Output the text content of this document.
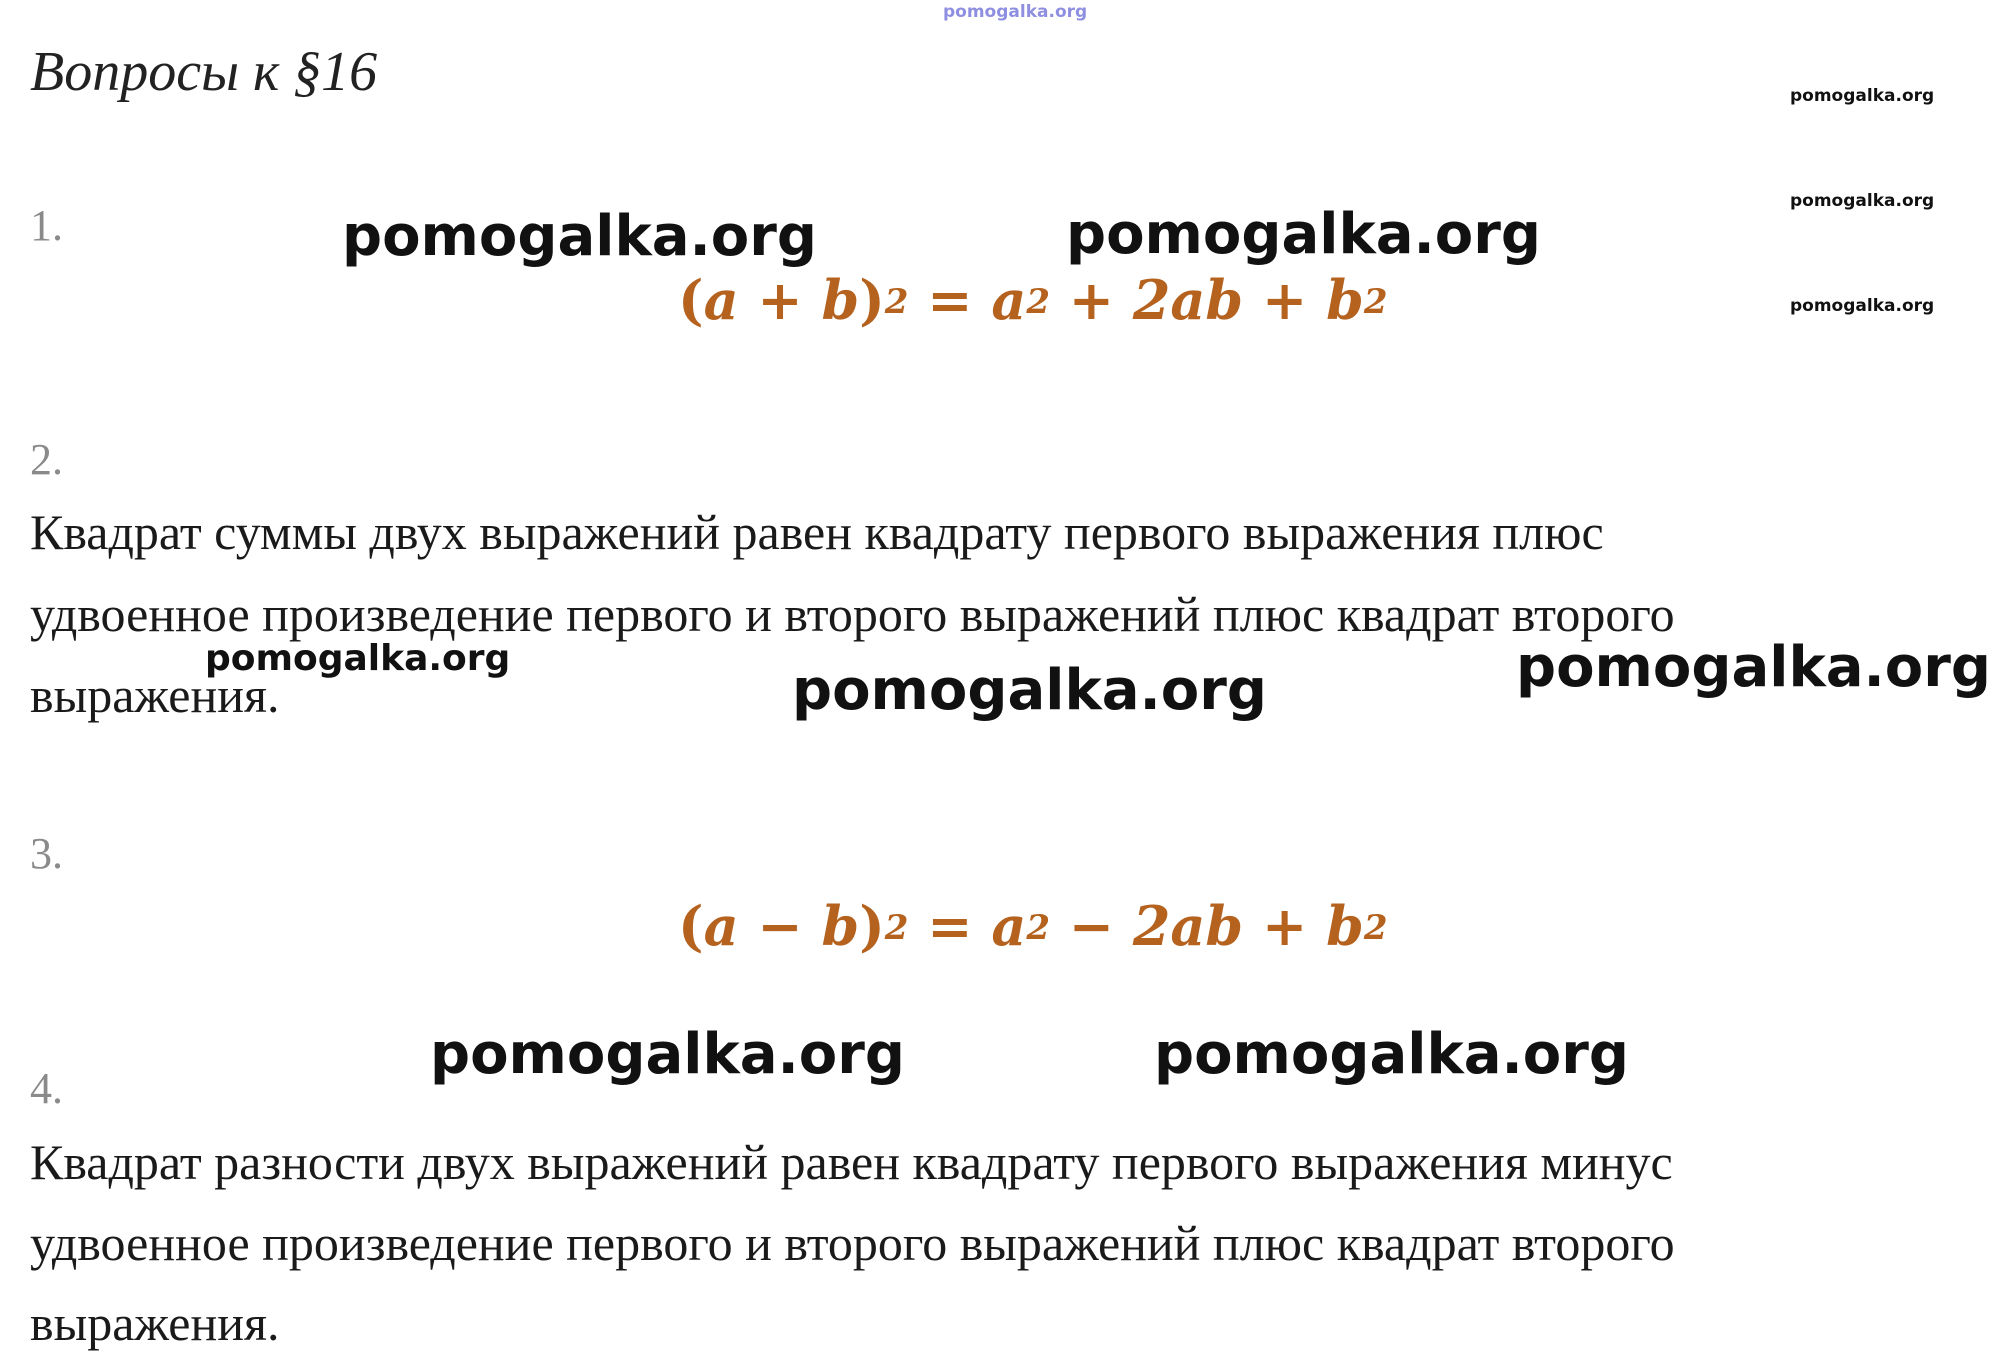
pomogalka.org
Вопросы к §16	pomogalka.org
pomogalka.org
pomogalka.org
1.	pomogalka.org	pomogalka.org
$(a + b)^2 = a^2 + 2ab + b^2$
2.
Квадрат суммы двух выражений равен квадрату первого выражения плюс
удвоенное произведение первого и второго выражений плюс квадрат второго
выражения.
pomogalka.org	pomogalka.org	pomogalka.org
3.
$(a - b)^2 = a^2 - 2ab + b^2$
pomogalka.org	pomogalka.org
4.
Квадрат разности двух выражений равен квадрату первого выражения минус
удвоенное произведение первого и второго выражений плюс квадрат второго
выражения.
